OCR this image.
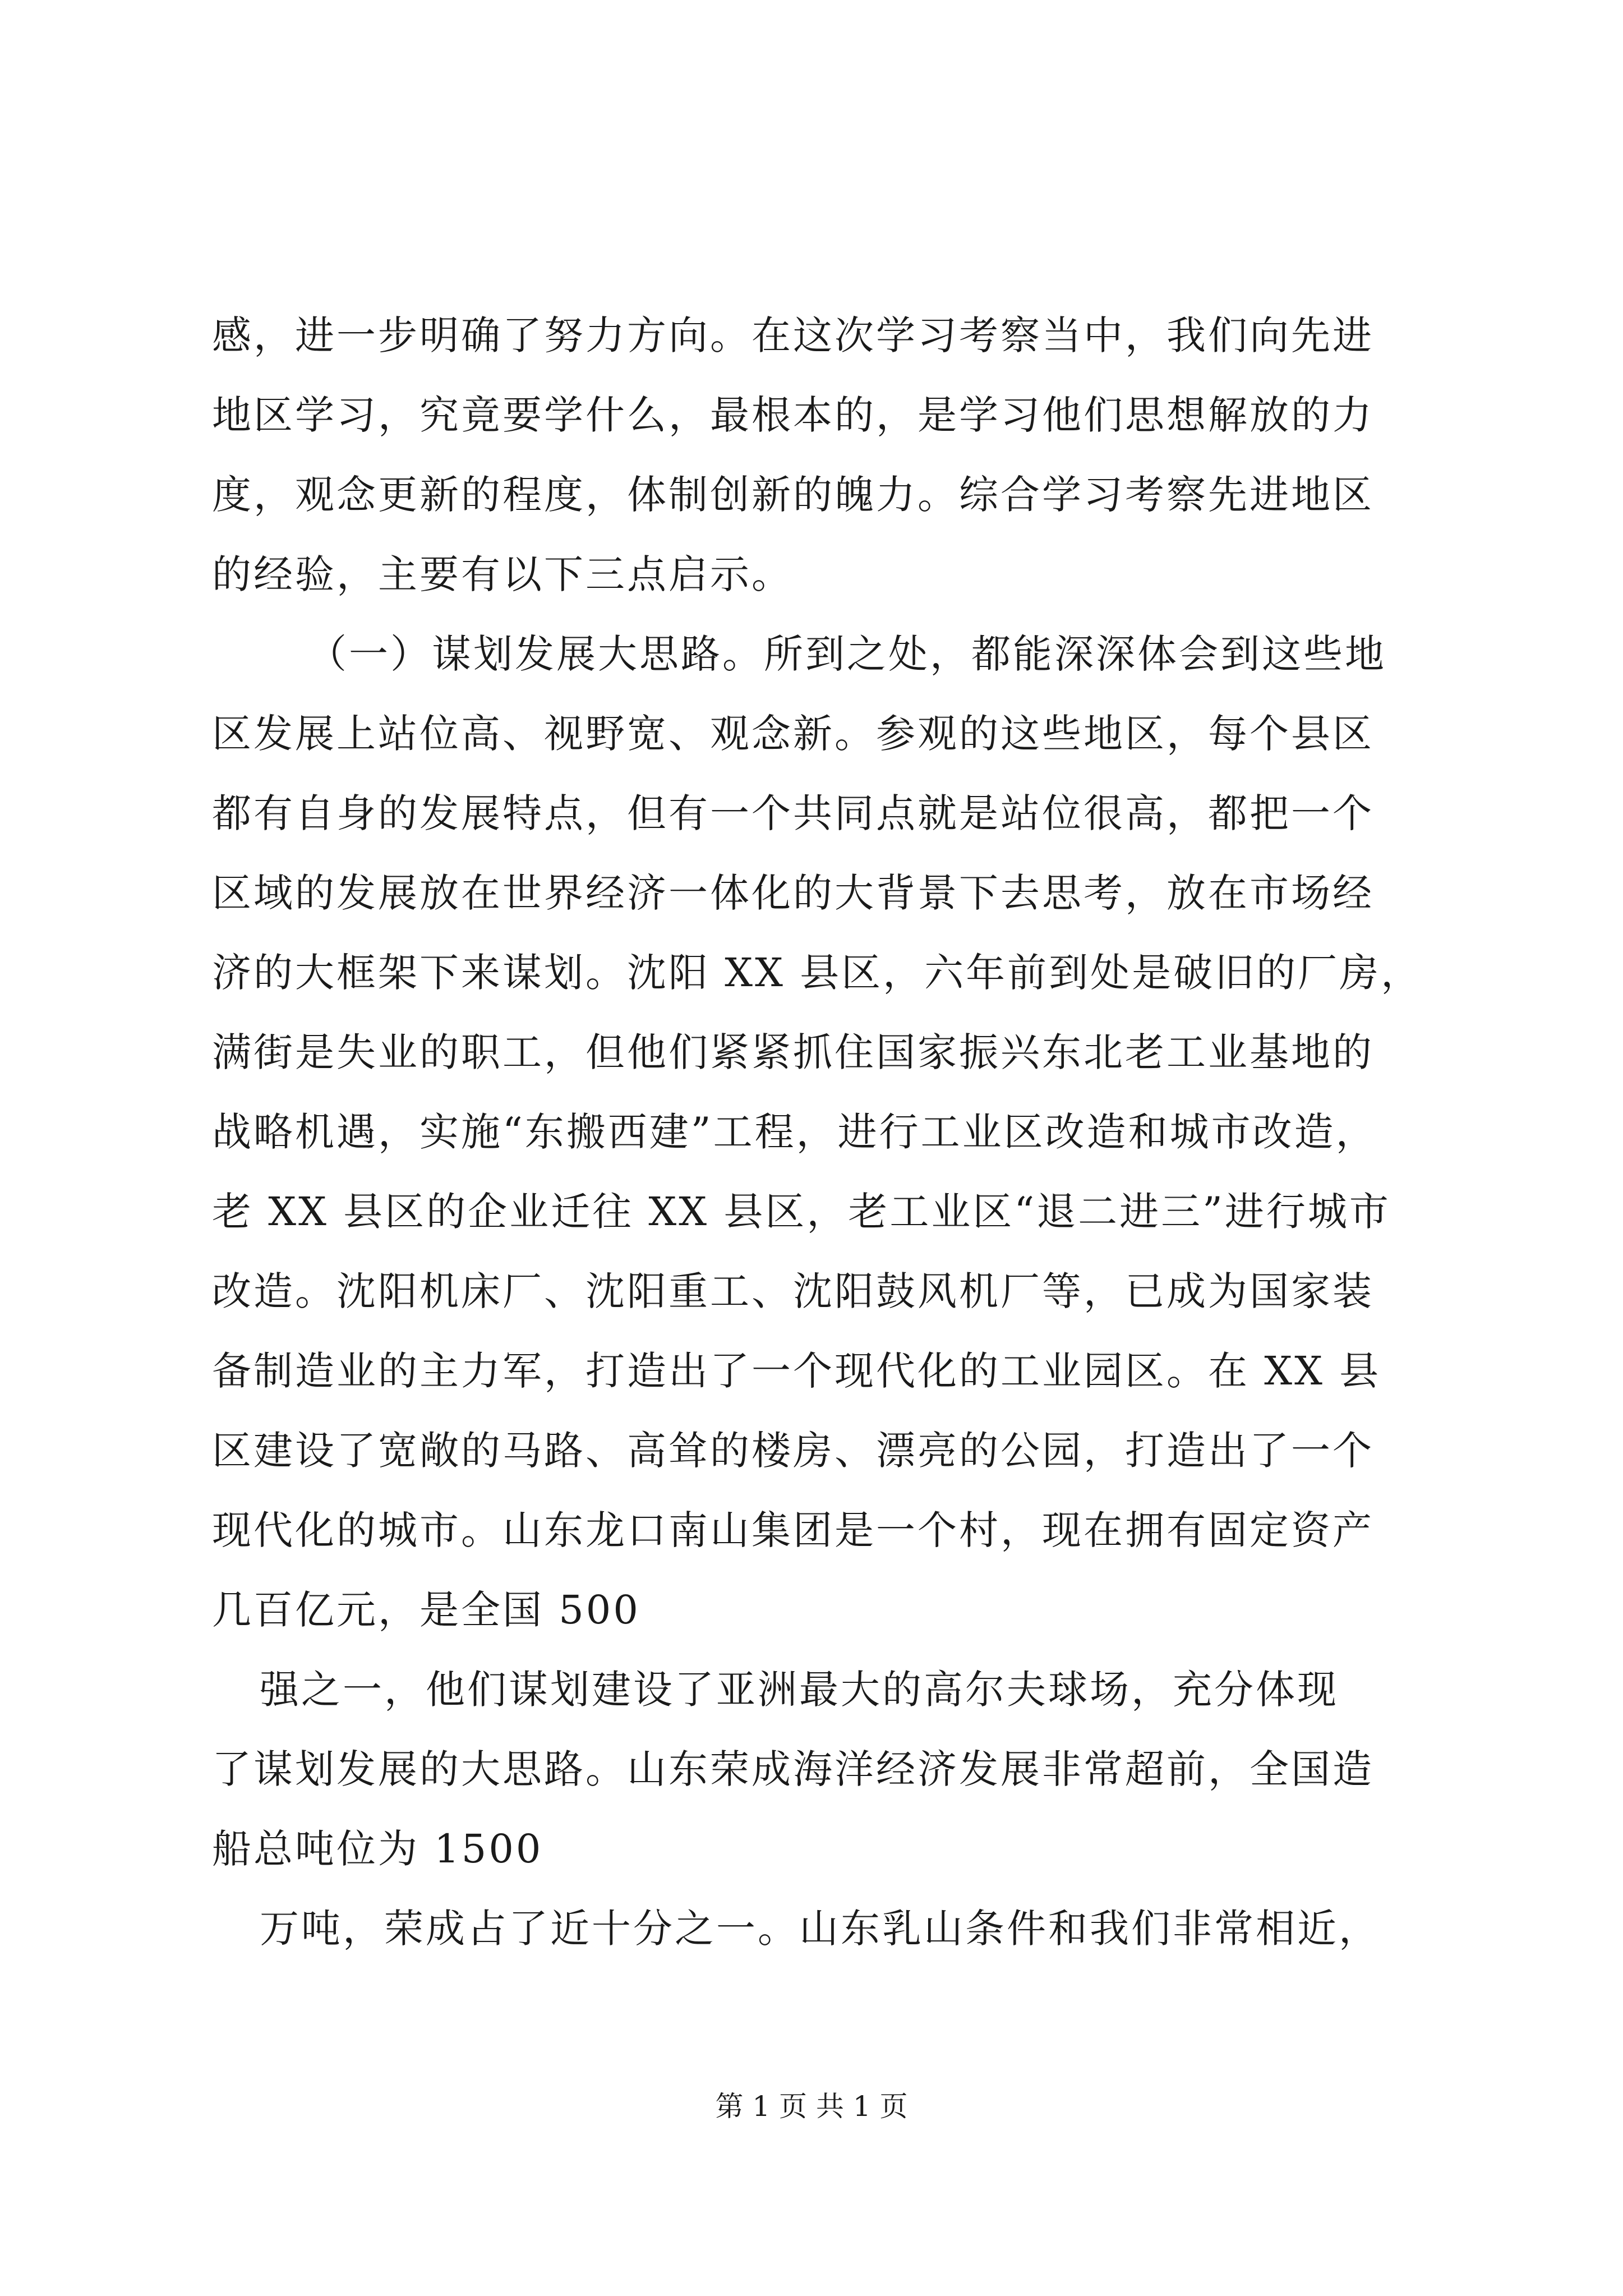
感，进一步明确了努力方向。在这次学习考察当中，我们向先进

地区学习，究竟要学什么，最根本的，是学习他们思想解放的力

度，观念更新的程度，体制创新的魄力。综合学习考察先进地区

的经验，主要有以下三点启示。

（一）谋划发展大思路。所到之处，都能深深体会到这些地

区发展上站位高、视野宽、观念新。参观的这些地区，每个县区

都有自身的发展特点，但有一个共同点就是站位很高，都把一个

区域的发展放在世界经济一体化的大背景下去思考，放在市场经

济的大框架下来谋划。沈阳 XX 县区，六年前到处是破旧的厂房，

满街是失业的职工，但他们紧紧抓住国家振兴东北老工业基地的

战略机遇，实施“东搬西建”工程，进行工业区改造和城市改造，

老 XX 县区的企业迁往 XX 县区，老工业区“退二进三”进行城市

改造。沈阳机床厂、沈阳重工、沈阳鼓风机厂等，已成为国家装

备制造业的主力军，打造出了一个现代化的工业园区。在 XX 县

区建设了宽敞的马路、高耸的楼房、漂亮的公园，打造出了一个

现代化的城市。山东龙口南山集团是一个村，现在拥有固定资产

几百亿元，是全国 500

强之一，他们谋划建设了亚洲最大的高尔夫球场，充分体现

了谋划发展的大思路。山东荣成海洋经济发展非常超前，全国造

船总吨位为 1500

万吨，荣成占了近十分之一。山东乳山条件和我们非常相近，

第 1 页 共 1 页
